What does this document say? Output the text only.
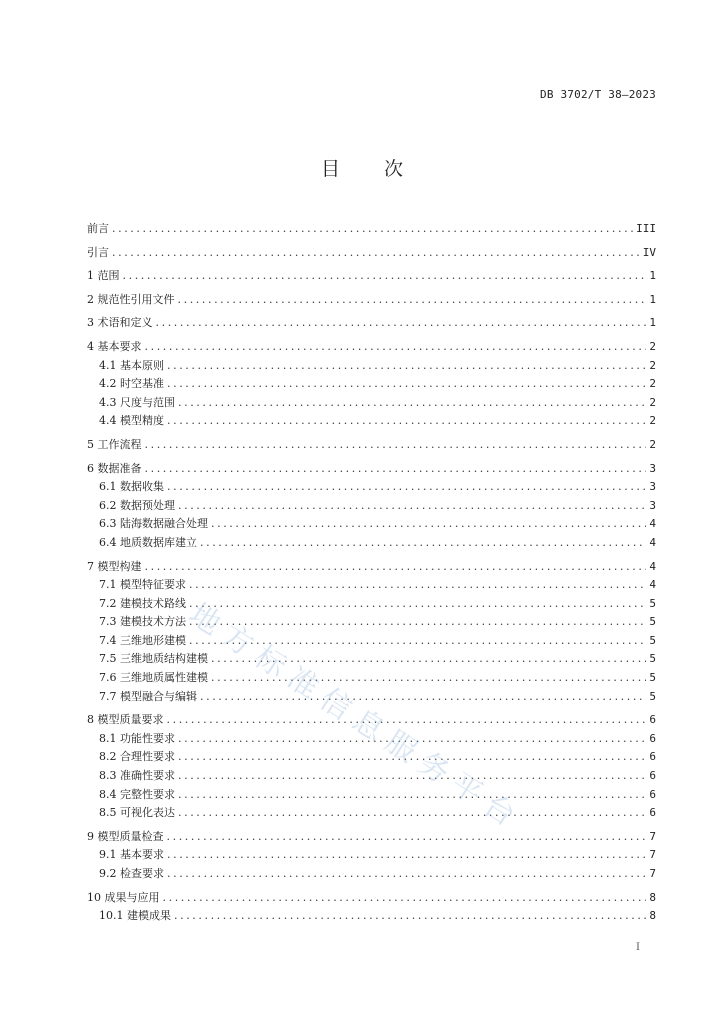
DB 3702/T 38—2023
目 次
前言 .....	III
引言 .....	IV
1 范围 .....	1
2 规范性引用文件 .....	1
3 术语和定义 .....	1
4 基本要求 .....	2
4.1 基本原则 .....	2
4.2 时空基准 .....	2
4.3 尺度与范围 .....	2
4.4 模型精度 .....	2
5 工作流程 .....	2
6 数据准备 .....	3
6.1 数据收集 .....	3
6.2 数据预处理 .....	3
6.3 陆海数据融合处理 .....	4
6.4 地质数据库建立 .....	4
7 模型构建 .....	4
7.1 模型特征要求 .....	4
7.2 建模技术路线 .....	5
7.3 建模技术方法 .....	5
7.4 三维地形建模 .....	5
7.5 三维地质结构建模 .....	5
7.6 三维地质属性建模 .....	5
7.7 模型融合与编辑 .....	5
8 模型质量要求 .....	6
8.1 功能性要求 .....	6
8.2 合理性要求 .....	6
8.3 准确性要求 .....	6
8.4 完整性要求 .....	6
8.5 可视化表达 .....	6
9 模型质量检查 .....	7
9.1 基本要求 .....	7
9.2 检查要求 .....	7
10 成果与应用 .....	8
10.1 建模成果 .....	8
I
地方标准信息服务平台
